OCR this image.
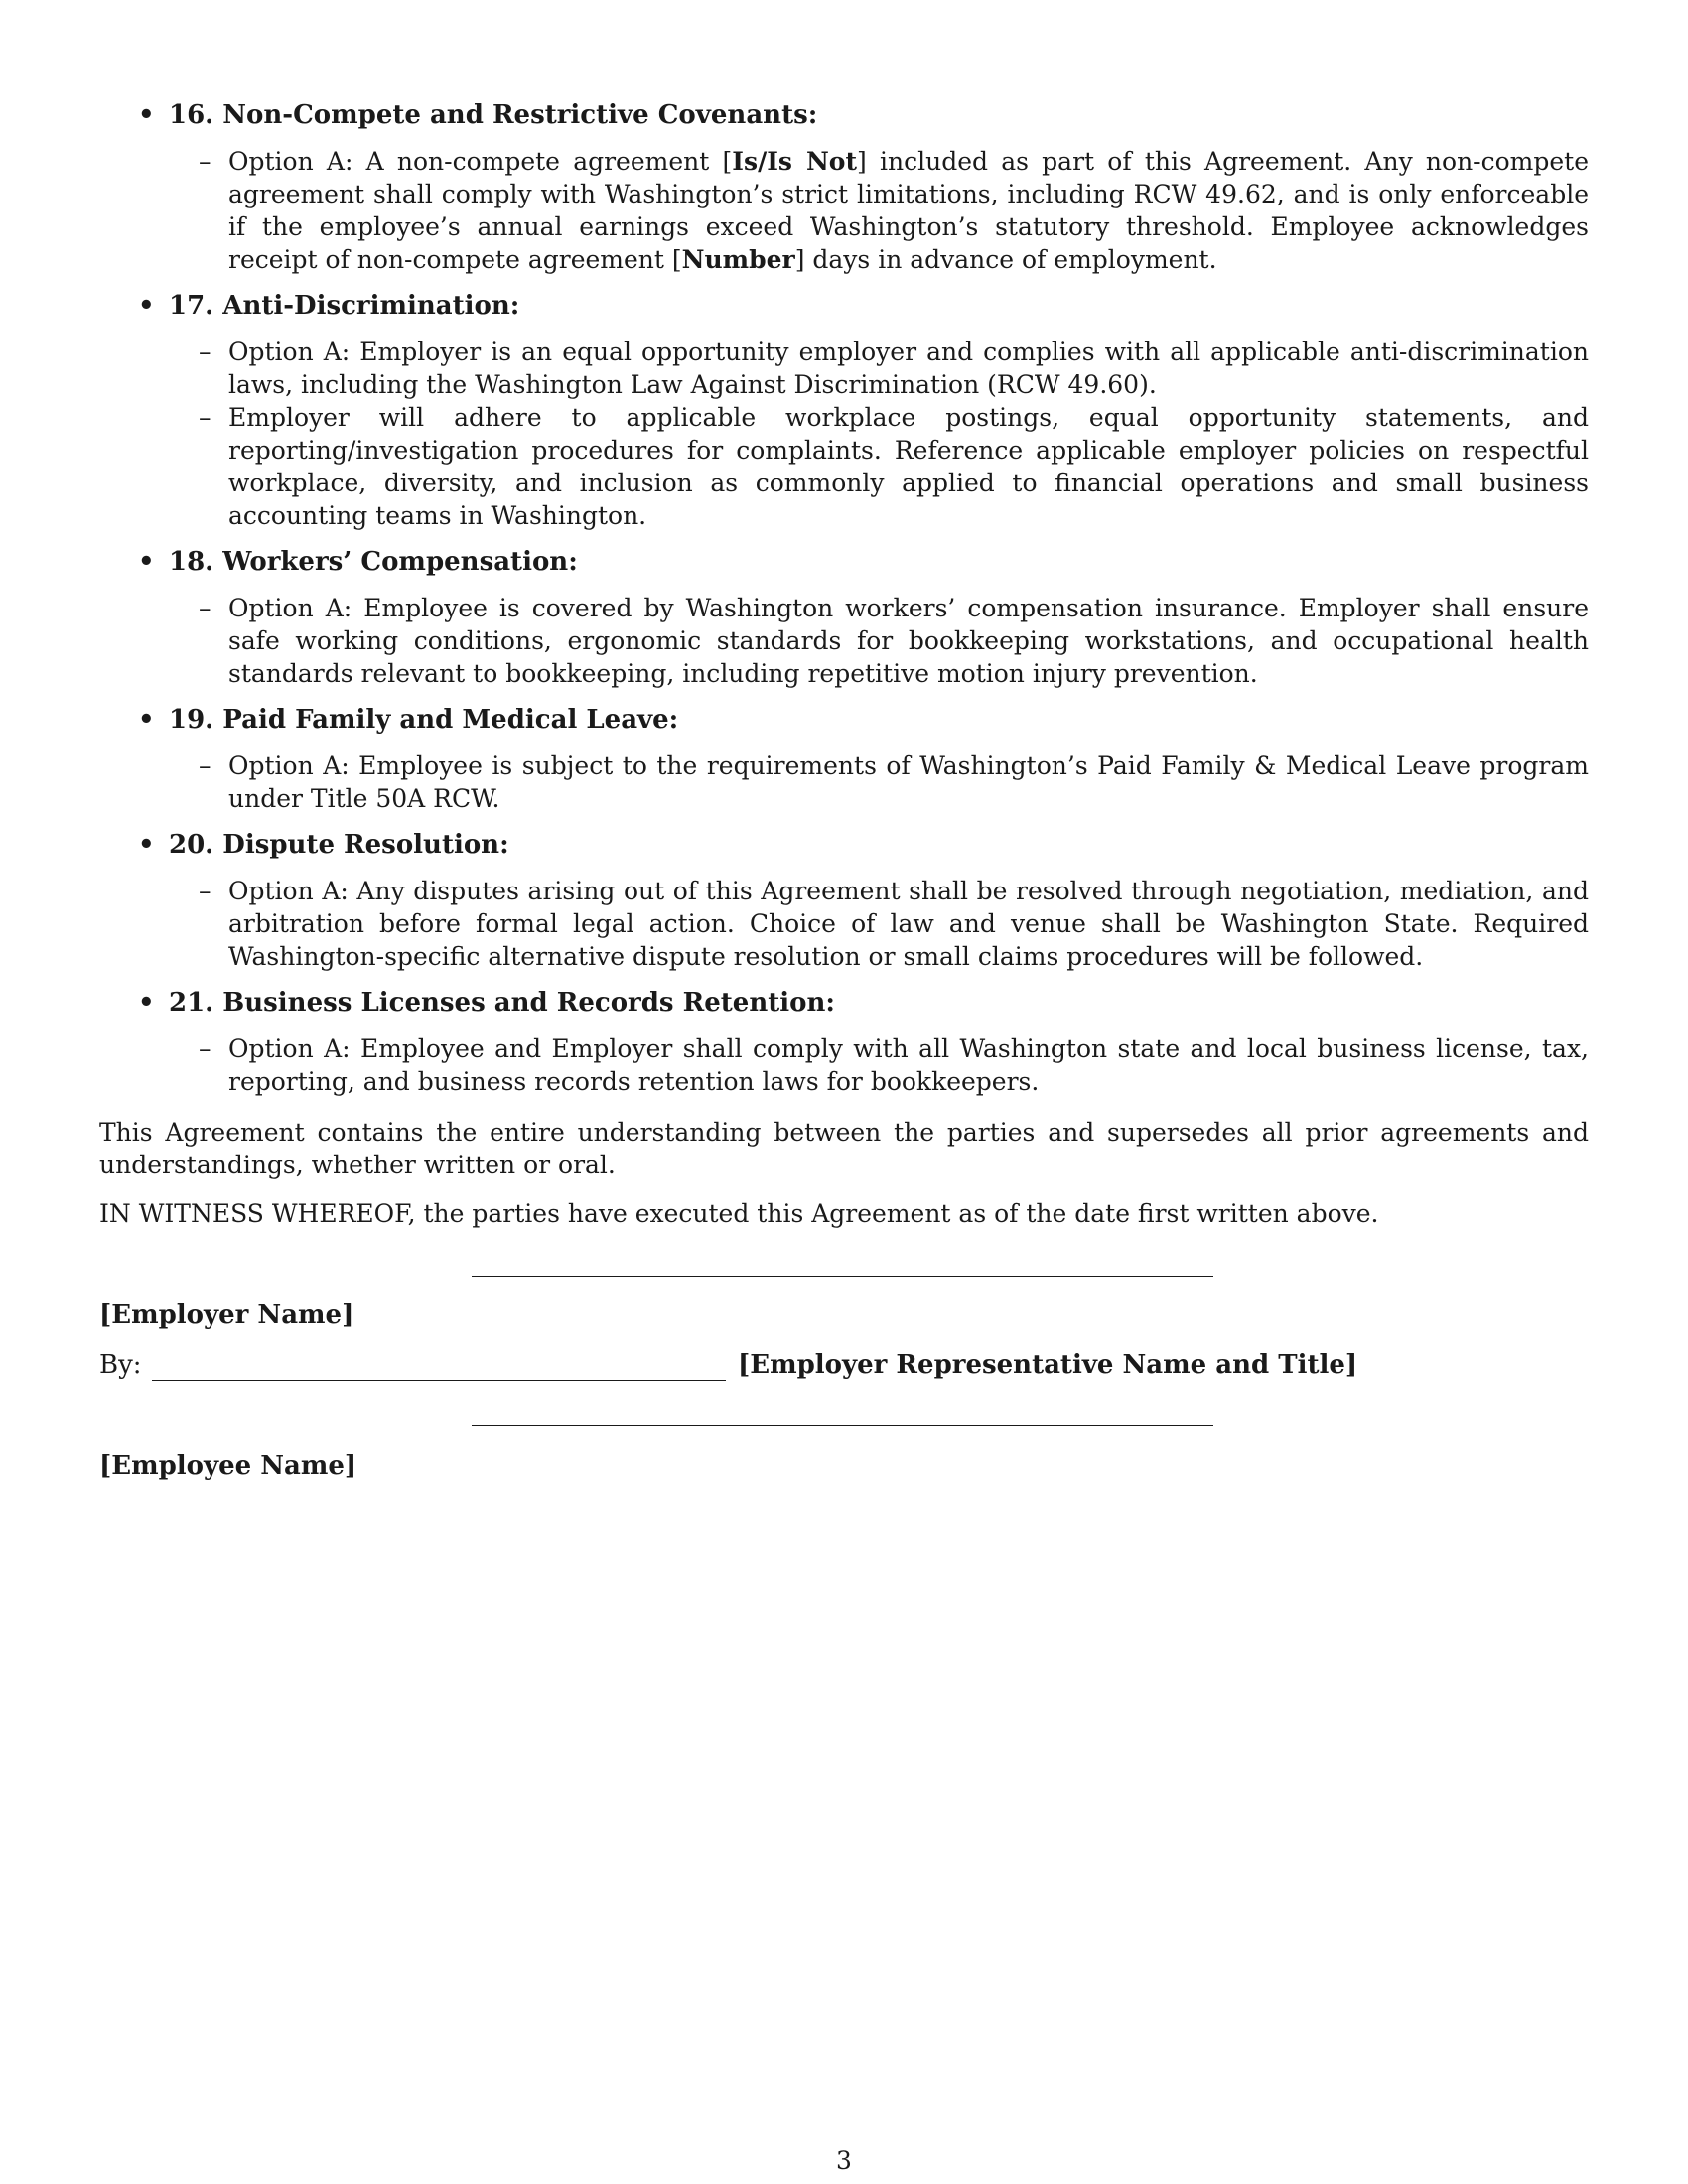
• 16. Non-Compete and Restrictive Covenants:

– Option A: A non-compete agreement [Is/Is Not] included as part of this Agreement. Any non-compete agreement shall comply with Washington’s strict limitations, including RCW 49.62, and is only enforceable if the employee’s annual earnings exceed Washington’s statutory threshold. Employee acknowledges receipt of non-compete agreement [Number] days in advance of employment.

• 17. Anti-Discrimination:

– Option A: Employer is an equal opportunity employer and complies with all applicable anti-discrimination laws, including the Washington Law Against Discrimination (RCW 49.60).

– Employer will adhere to applicable workplace postings, equal opportunity statements, and reporting/investigation procedures for complaints. Reference applicable employer policies on respectful workplace, diversity, and inclusion as commonly applied to financial operations and small business accounting teams in Washington.

• 18. Workers’ Compensation:

– Option A: Employee is covered by Washington workers’ compensation insurance. Employer shall ensure safe working conditions, ergonomic standards for bookkeeping workstations, and occupational health standards relevant to bookkeeping, including repetitive motion injury prevention.

• 19. Paid Family and Medical Leave:

– Option A: Employee is subject to the requirements of Washington’s Paid Family & Medical Leave program under Title 50A RCW.

• 20. Dispute Resolution:

– Option A: Any disputes arising out of this Agreement shall be resolved through negotiation, mediation, and arbitration before formal legal action. Choice of law and venue shall be Washington State. Required Washington-specific alternative dispute resolution or small claims procedures will be followed.

• 21. Business Licenses and Records Retention:

– Option A: Employee and Employer shall comply with all Washington state and local business license, tax, reporting, and business records retention laws for bookkeepers.

This Agreement contains the entire understanding between the parties and supersedes all prior agreements and understandings, whether written or oral.

IN WITNESS WHEREOF, the parties have executed this Agreement as of the date first written above.

[Employer Name]
By:	[Employer Representative Name and Title]
[Employee Name]
3
